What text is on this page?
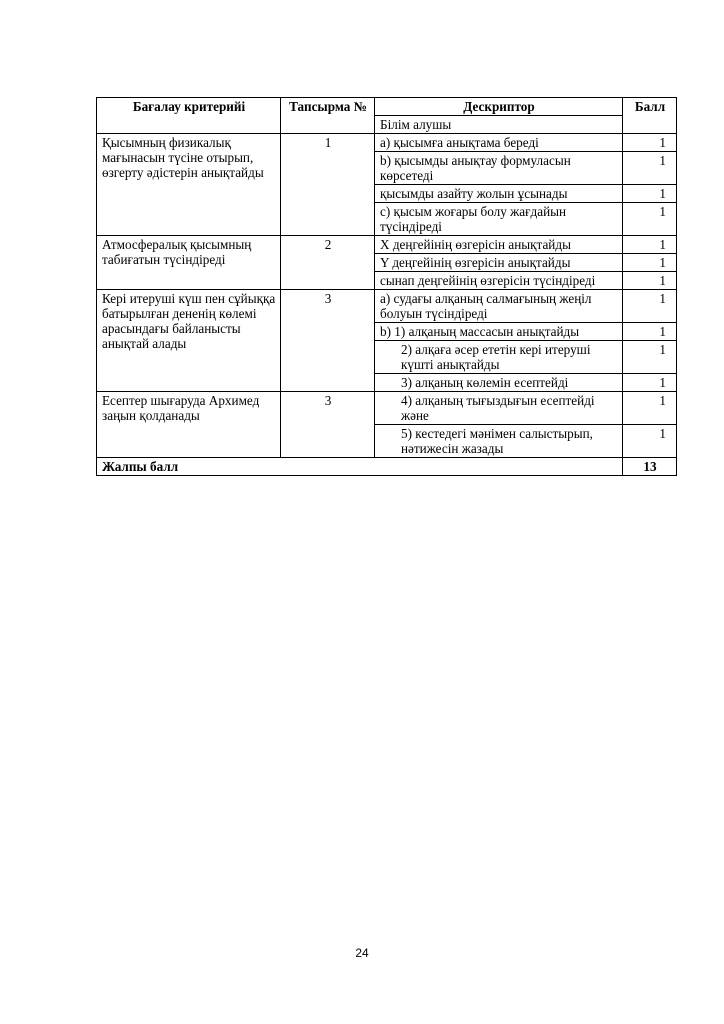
Бағалау критерийі	Тапсырма №	Дескриптор	Балл
		Білім алушы	
Қысымның физикалық мағынасын түсіне отырып, өзгерту әдістерін анықтайды	1	a) қысымға анықтама береді	1
		b) қысымды анықтау формуласын көрсетеді	1
		қысымды азайту жолын ұсынады	1
		c) қысым жоғары болу жағдайын түсіндіреді	1
Атмосфералық қысымның табиғатын түсіндіреді	2	X деңгейінің өзгерісін анықтайды	1
		Y деңгейінің өзгерісін анықтайды	1
		сынап деңгейінің өзгерісін түсіндіреді	1
Кері итеруші күш пен сұйыққа батырылған дененің көлемі арасындағы байланысты анықтай алады	3	a) судағы алқаның салмағының жеңіл болуын түсіндіреді	1
		b) 1) алқаның массасын анықтайды	1
		2) алқаға әсер ететін кері итеруші күшті анықтайды	1
		3) алқаның көлемін есептейді	1
Есептер шығаруда Архимед заңын қолданады	3	4) алқаның тығыздығын есептейді және	1
		5) кестедегі мәнімен салыстырып, нәтижесін жазады	1
Жалпы балл			13
24
